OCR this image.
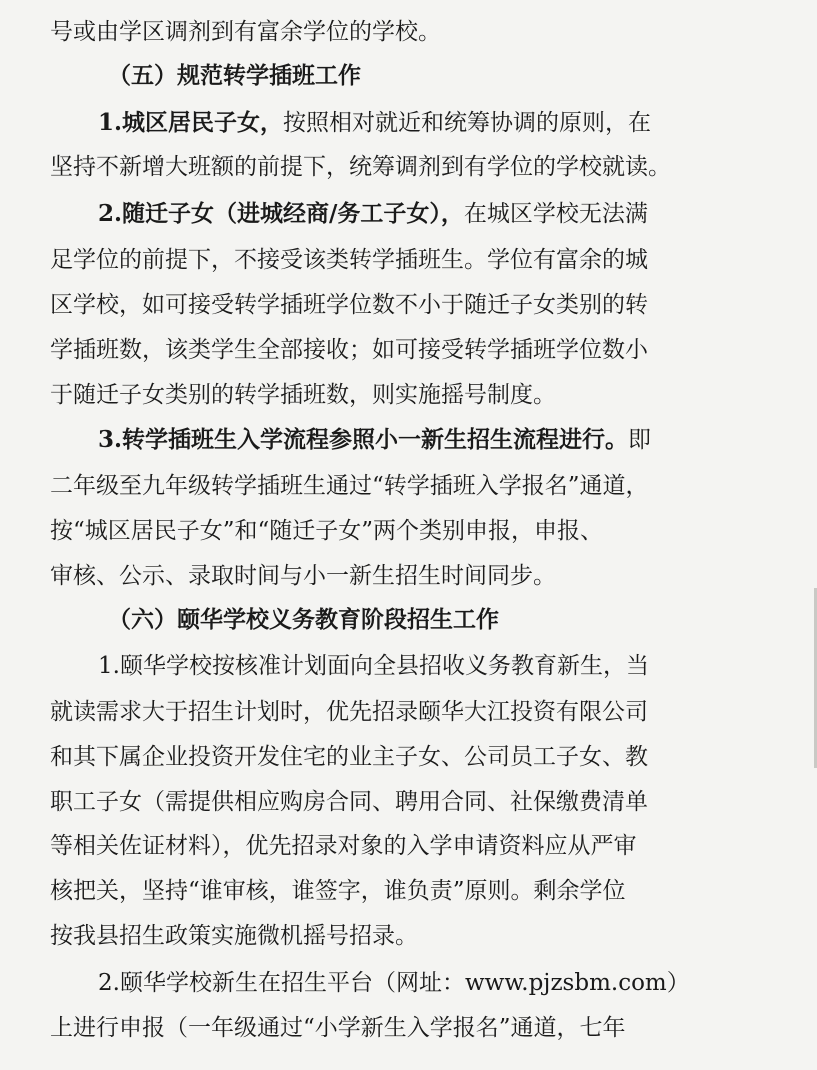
号或由学区调剂到有富余学位的学校。
（五）规范转学插班工作
1.城区居民子女，按照相对就近和统筹协调的原则，在
坚持不新增大班额的前提下，统筹调剂到有学位的学校就读。
2.随迁子女（进城经商/务工子女），在城区学校无法满
足学位的前提下，不接受该类转学插班生。学位有富余的城
区学校，如可接受转学插班学位数不小于随迁子女类别的转
学插班数，该类学生全部接收；如可接受转学插班学位数小
于随迁子女类别的转学插班数，则实施摇号制度。
3.转学插班生入学流程参照小一新生招生流程进行。即
二年级至九年级转学插班生通过“转学插班入学报名”通道，
按“城区居民子女”和“随迁子女”两个类别申报，申报、
审核、公示、录取时间与小一新生招生时间同步。
（六）颐华学校义务教育阶段招生工作
1.颐华学校按核准计划面向全县招收义务教育新生，当
就读需求大于招生计划时，优先招录颐华大江投资有限公司
和其下属企业投资开发住宅的业主子女、公司员工子女、教
职工子女（需提供相应购房合同、聘用合同、社保缴费清单
等相关佐证材料），优先招录对象的入学申请资料应从严审
核把关，坚持“谁审核，谁签字，谁负责”原则。剩余学位
按我县招生政策实施微机摇号招录。
2.颐华学校新生在招生平台（网址：www.pjzsbm.com）
上进行申报（一年级通过“小学新生入学报名”通道，七年
